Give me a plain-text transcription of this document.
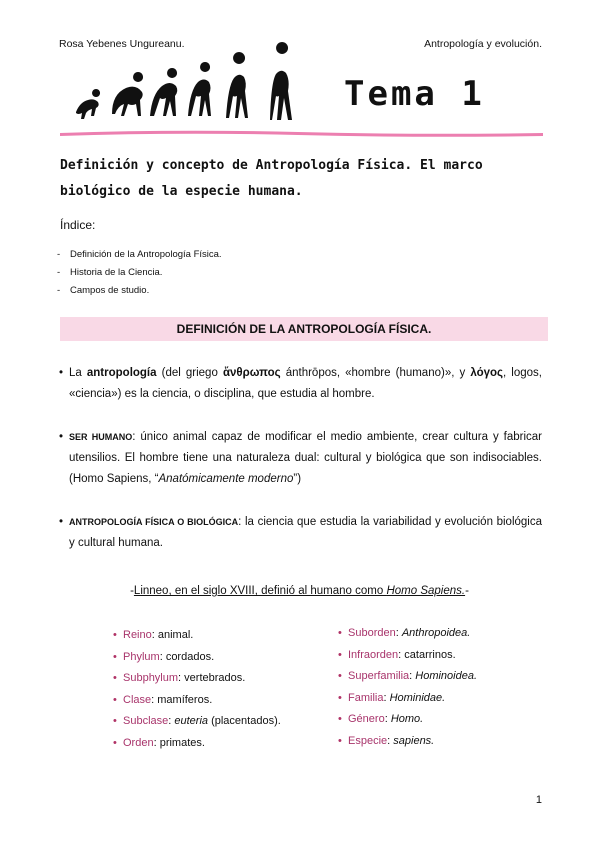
Rosa Yebenes Ungureanu.	Antropología y evolución.
Tema 1
Definición y concepto de Antropología Física. El marco biológico de la especie humana.
Índice:
- Definición de la Antropología Física.
- Historia de la Ciencia.
- Campos de studio.
DEFINICIÓN DE LA ANTROPOLOGÍA FÍSICA.
• La antropología (del griego ἄνθρωπος ánthrōpos, «hombre (humano)», y λόγος, logos, «ciencia») es la ciencia, o disciplina, que estudia al hombre.
• SER HUMANO: único animal capaz de modificar el medio ambiente, crear cultura y fabricar utensilios. El hombre tiene una naturaleza dual: cultural y biológica que son indisociables. (Homo Sapiens, “Anatómicamente moderno”)
• ANTROPOLOGÍA FÍSICA O BIOLÓGICA: la ciencia que estudia la variabilidad y evolución biológica y cultural humana.
-Linneo, en el siglo XVIII, definió al humano como Homo Sapiens.-
• Reino: animal.
• Phylum: cordados.
• Subphylum: vertebrados.
• Clase: mamíferos.
• Subclase: euteria (placentados).
• Orden: primates.
• Suborden: Anthropoidea.
• Infraorden: catarrinos.
• Superfamilia: Hominoidea.
• Familia: Hominidae.
• Género: Homo.
• Especie: sapiens.
1
